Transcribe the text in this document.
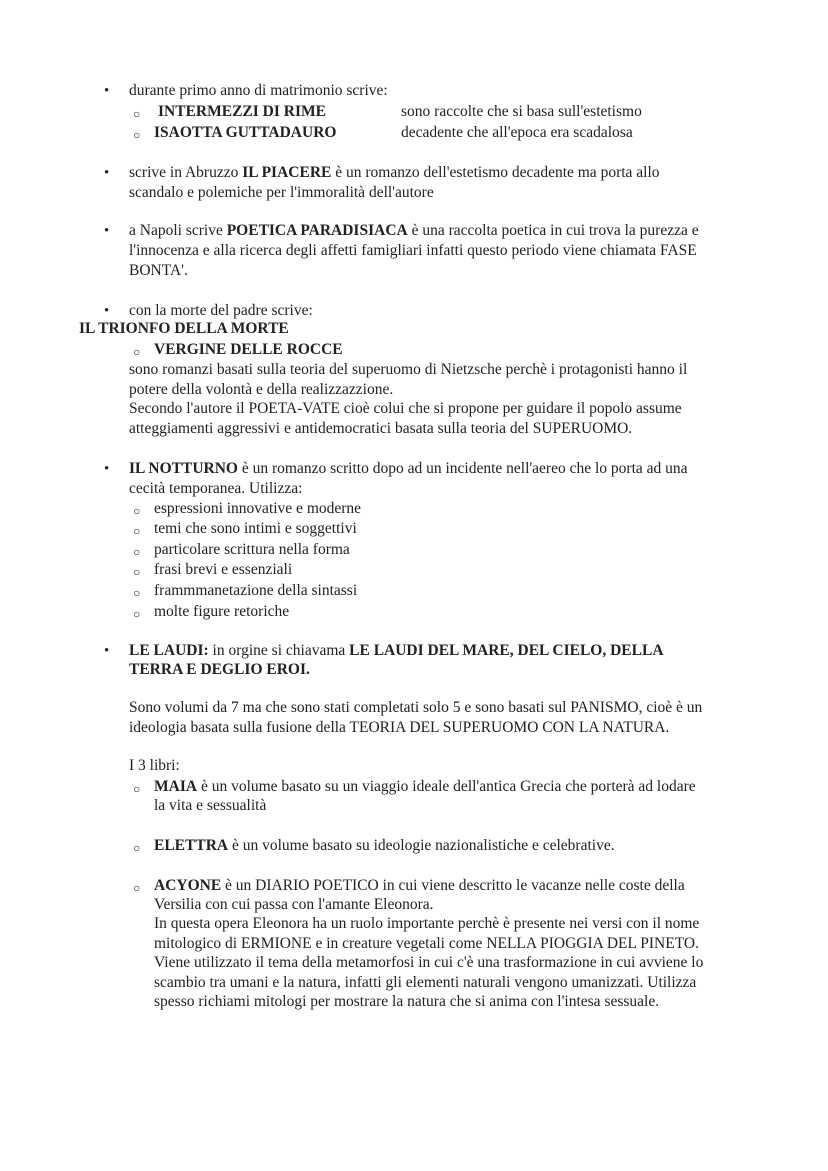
• durante primo anno di matrimonio scrive:

○ INTERMEZZI DI RIME	sono raccolte che si basa sull'estetismo

○ ISAOTTA GUTTADAURO	decadente che all'epoca era scadalosa

• scrive in Abruzzo IL PIACERE è un romanzo dell'estetismo decadente ma porta allo

scandalo e polemiche per l'immoralità dell'autore

• a Napoli scrive POETICA PARADISIACA è una raccolta poetica in cui trova la purezza e

l'innocenza e alla ricerca degli affetti famigliari infatti questo periodo viene chiamata FASE

BONTA'.

• con la morte del padre scrive:

IL TRIONFO DELLA MORTE

○ VERGINE DELLE ROCCE

sono romanzi basati sulla teoria del superuomo di Nietzsche perchè i protagonisti hanno il

potere della volontà e della realizzazzione.

Secondo l'autore il POETA-VATE cioè colui che si propone per guidare il popolo assume

atteggiamenti aggressivi e antidemocratici basata sulla teoria del SUPERUOMO.

• IL NOTTURNO è un romanzo scritto dopo ad un incidente nell'aereo che lo porta ad una

cecità temporanea. Utilizza:

○ espressioni innovative e moderne

○ temi che sono intimi e soggettivi

○ particolare scrittura nella forma

○ frasi brevi e essenziali

○ frammmanetazione della sintassi

○ molte figure retoriche

• LE LAUDI: in orgine si chiavama LE LAUDI DEL MARE, DEL CIELO, DELLA

TERRA E DEGLIO EROI.

Sono volumi da 7 ma che sono stati completati solo 5 e sono basati sul PANISMO, cioè è un

ideologia basata sulla fusione della TEORIA DEL SUPERUOMO CON LA NATURA.

I 3 libri:

○ MAIA è un volume basato su un viaggio ideale dell'antica Grecia che porterà ad lodare

la vita e sessualità

○ ELETTRA è un volume basato su ideologie nazionalistiche e celebrative.

○ ACYONE è un DIARIO POETICO in cui viene descritto le vacanze nelle coste della

Versilia con cui passa con l'amante Eleonora.

In questa opera Eleonora ha un ruolo importante perchè è presente nei versi con il nome

mitologico di ERMIONE e in creature vegetali come NELLA PIOGGIA DEL PINETO.

Viene utilizzato il tema della metamorfosi in cui c'è una trasformazione in cui avviene lo

scambio tra umani e la natura, infatti gli elementi naturali vengono umanizzati. Utilizza

spesso richiami mitologi per mostrare la natura che si anima con l'intesa sessuale.
